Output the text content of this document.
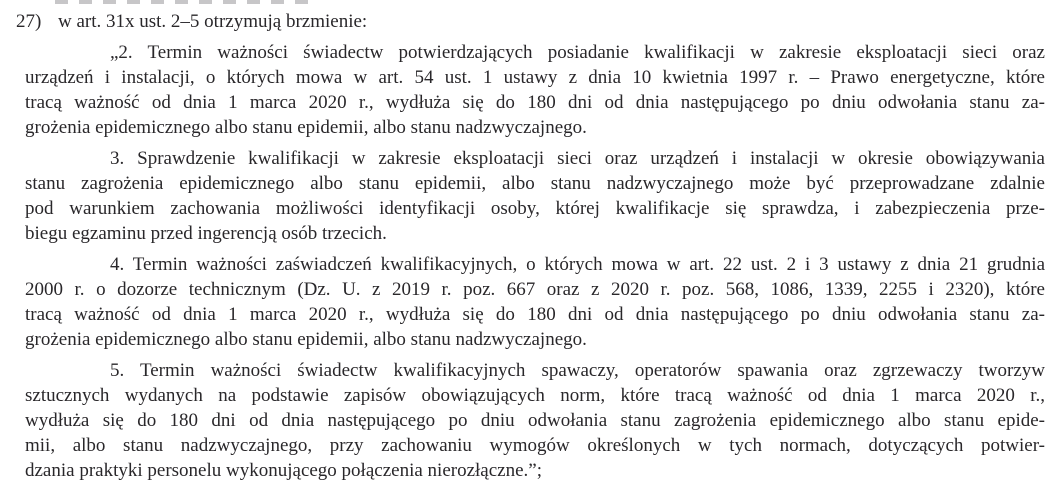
27) w art. 31x ust. 2–5 otrzymują brzmienie:
„2. Termin ważności świadectw potwierdzających posiadanie kwalifikacji w zakresie eksploatacji sieci oraz
urządzeń i instalacji, o których mowa w art. 54 ust. 1 ustawy z dnia 10 kwietnia 1997 r. – Prawo energetyczne, które
tracą ważność od dnia 1 marca 2020 r., wydłuża się do 180 dni od dnia następującego po dniu odwołania stanu za-
grożenia epidemicznego albo stanu epidemii, albo stanu nadzwyczajnego.
3. Sprawdzenie kwalifikacji w zakresie eksploatacji sieci oraz urządzeń i instalacji w okresie obowiązywania
stanu zagrożenia epidemicznego albo stanu epidemii, albo stanu nadzwyczajnego może być przeprowadzane zdalnie
pod warunkiem zachowania możliwości identyfikacji osoby, której kwalifikacje się sprawdza, i zabezpieczenia prze-
biegu egzaminu przed ingerencją osób trzecich.
4. Termin ważności zaświadczeń kwalifikacyjnych, o których mowa w art. 22 ust. 2 i 3 ustawy z dnia 21 grudnia
2000 r. o dozorze technicznym (Dz. U. z 2019 r. poz. 667 oraz z 2020 r. poz. 568, 1086, 1339, 2255 i 2320), które
tracą ważność od dnia 1 marca 2020 r., wydłuża się do 180 dni od dnia następującego po dniu odwołania stanu za-
grożenia epidemicznego albo stanu epidemii, albo stanu nadzwyczajnego.
5. Termin ważności świadectw kwalifikacyjnych spawaczy, operatorów spawania oraz zgrzewaczy tworzyw
sztucznych wydanych na podstawie zapisów obowiązujących norm, które tracą ważność od dnia 1 marca 2020 r.,
wydłuża się do 180 dni od dnia następującego po dniu odwołania stanu zagrożenia epidemicznego albo stanu epide-
mii, albo stanu nadzwyczajnego, przy zachowaniu wymogów określonych w tych normach, dotyczących potwier-
dzania praktyki personelu wykonującego połączenia nierozłączne.”;
